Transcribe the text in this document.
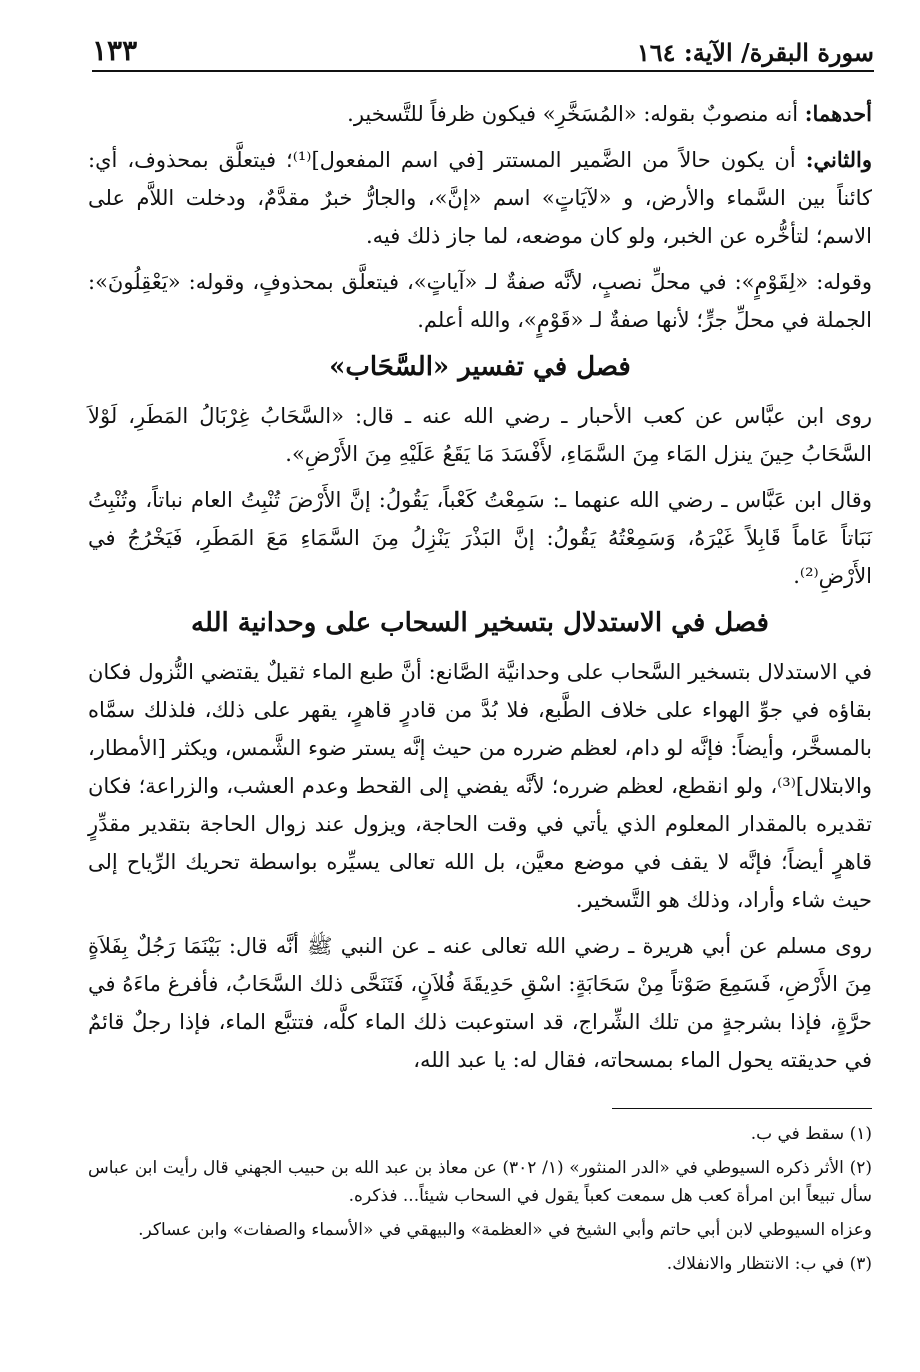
سورة البقرة/ الآية: ١٦٤
١٣٣

أحدهما: أنه منصوبٌ بقوله: «المُسَخَّرِ» فيكون ظرفاً للتَّسخير.

والثاني: أن يكون حالاً من الضَّمير المستتر [في اسم المفعول]⁽¹⁾؛ فيتعلَّق بمحذوف، أي: كائناً بين السَّماء والأرض، و «لآيَاتٍ» اسم «إنَّ»، والجارُّ خبرٌ مقدَّمٌ، ودخلت اللاَّم على الاسم؛ لتأخُّره عن الخبر، ولو كان موضعه، لما جاز ذلك فيه.

وقوله: «لِقَوْمٍ»: في محلِّ نصبٍ، لأنَّه صفةٌ لـ «آياتٍ»، فيتعلَّق بمحذوفٍ، وقوله: «يَعْقِلُونَ»: الجملة في محلِّ جرٍّ؛ لأنها صفةٌ لـ «قَوْمٍ»، والله أعلم.

فصل في تفسير «السَّحَاب»

روى ابن عبَّاس عن كعب الأحبار ـ رضي الله عنه ـ قال: «السَّحَابُ غِرْبَالُ المَطَرِ، لَوْلاَ السَّحَابُ حِينَ ينزل المَاء مِنَ السَّمَاءِ، لأَفْسَدَ مَا يَقَعُ عَلَيْهِ مِنَ الأَرْضِ».

وقال ابن عَبَّاس ـ رضي الله عنهما ـ: سَمِعْتُ كَعْباً، يَقُولُ: إنَّ الأَرْضَ تُنْبِتُ العام نباتاً، وتُنْبِتُ نَبَاتاً عَاماً قَابِلاً غَيْرَهُ، وَسَمِعْتُهُ يَقُولُ: إنَّ البَذْرَ يَنْزِلُ مِنَ السَّمَاءِ مَعَ المَطَرِ، فَيَخْرُجُ في الأَرْضِ⁽²⁾.

فصل في الاستدلال بتسخير السحاب على وحدانية الله

في الاستدلال بتسخير السَّحاب على وحدانيَّة الصَّانع: أنَّ طبع الماء ثقيلٌ يقتضي النُّزول فكان بقاؤه في جوِّ الهواء على خلاف الطَّبع، فلا بُدَّ من قادرٍ قاهرٍ، يقهر على ذلك، فلذلك سمَّاه بالمسخَّر، وأيضاً: فإنَّه لو دام، لعظم ضرره من حيث إنَّه يستر ضوء الشَّمس، ويكثر [الأمطار، والابتلال]⁽³⁾، ولو انقطع، لعظم ضرره؛ لأنَّه يفضي إلى القحط وعدم العشب، والزراعة؛ فكان تقديره بالمقدار المعلوم الذي يأتي في وقت الحاجة، ويزول عند زوال الحاجة بتقدير مقدِّرٍ قاهرٍ أيضاً؛ فإنَّه لا يقف في موضع معيَّن، بل الله تعالى يسيِّره بواسطة تحريك الرِّياح إلى حيث شاء وأراد، وذلك هو التَّسخير.

روى مسلم عن أبي هريرة ـ رضي الله تعالى عنه ـ عن النبي ﷺ أنَّه قال: بَيْنَمَا رَجُلٌ بِفَلاَةٍ مِنَ الأَرْضِ، فَسَمِعَ صَوْتاً مِنْ سَحَابَةٍ: اسْقِ حَدِيقَةَ فُلاَنٍ، فَتَنَحَّى ذلك السَّحَابُ، فأفرغ ماءَهُ في حرَّةٍ، فإذا بشرجةٍ من تلك الشِّراج، قد استوعبت ذلك الماء كلَّه، فتتبَّع الماء، فإذا رجلٌ قائمٌ في حديقته يحول الماء بمسحاته، فقال له: يا عبد الله،

(١) سقط في ب.

(٢) الأثر ذكره السيوطي في «الدر المنثور» (١/ ٣٠٢) عن معاذ بن عبد الله بن حبيب الجهني قال رأيت ابن عباس سأل تبيعاً ابن امرأة كعب هل سمعت كعباً يقول في السحاب شيئاً... فذكره.

وعزاه السيوطي لابن أبي حاتم وأبي الشيخ في «العظمة» والبيهقي في «الأسماء والصفات» وابن عساكر.

(٣) في ب: الانتظار والانفلاك.
